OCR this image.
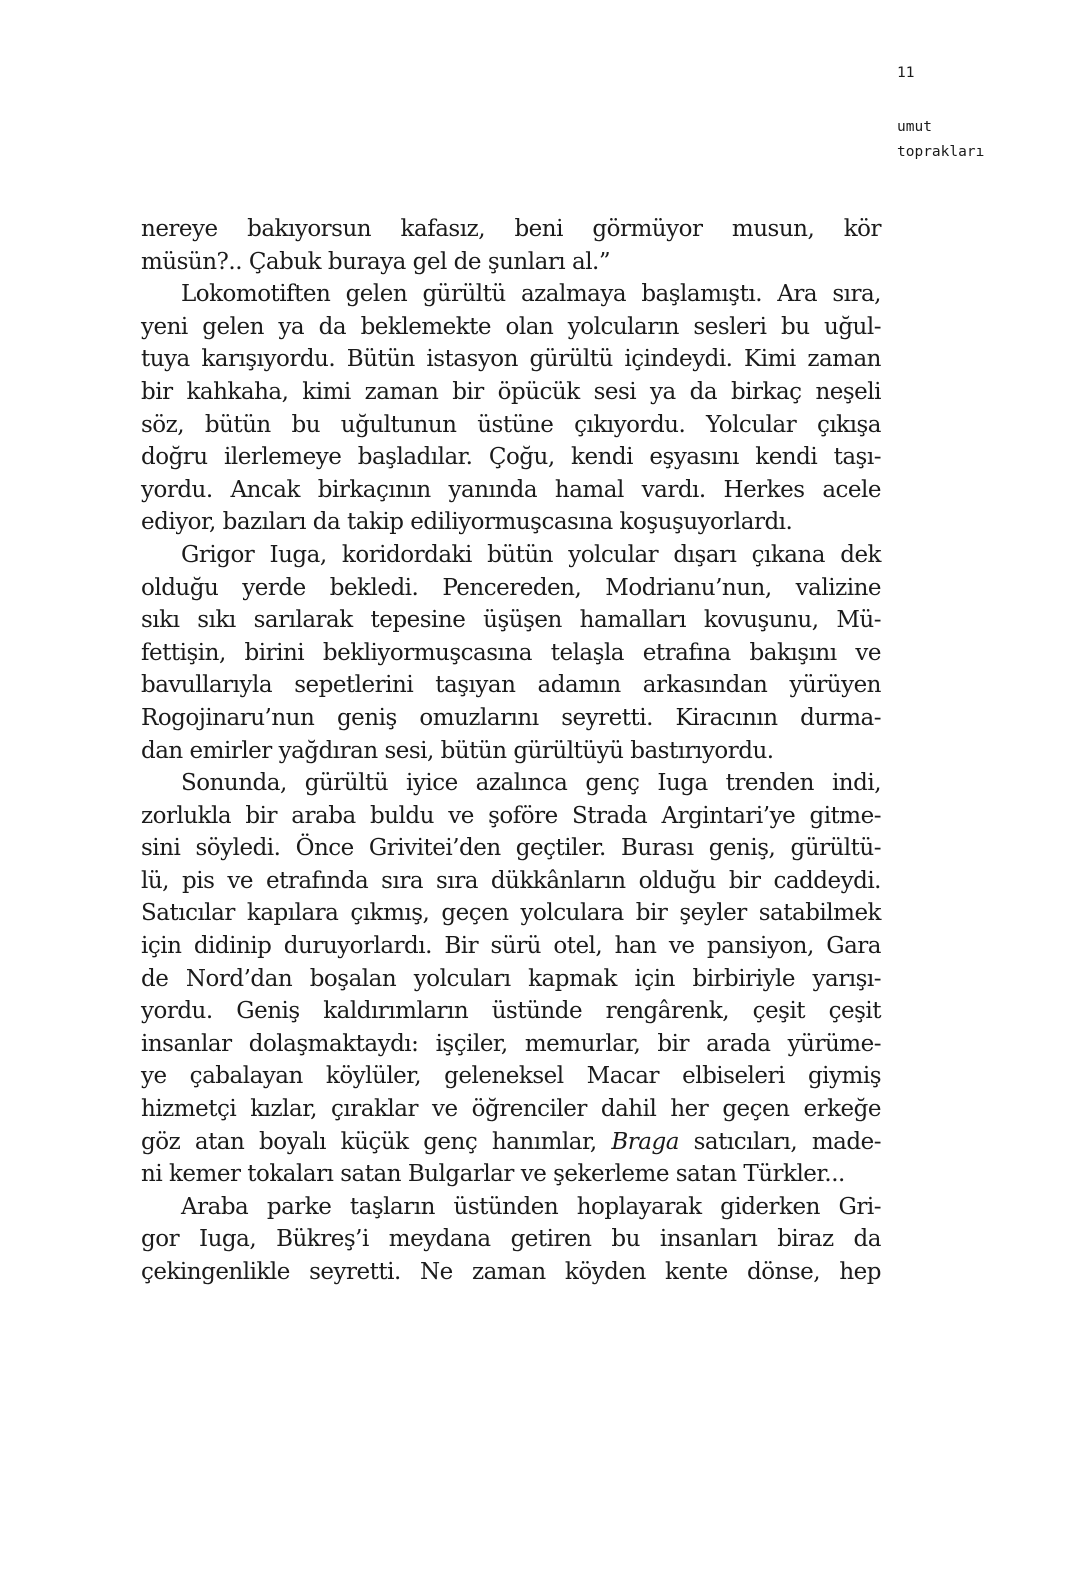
11
umut
toprakları
nereye bakıyorsun kafasız, beni görmüyor musun, kör
müsün?.. Çabuk buraya gel de şunları al.”
Lokomotiften gelen gürültü azalmaya başlamıştı. Ara sıra,
yeni gelen ya da beklemekte olan yolcuların sesleri bu uğul-
tuya karışıyordu. Bütün istasyon gürültü içindeydi. Kimi zaman
bir kahkaha, kimi zaman bir öpücük sesi ya da birkaç neşeli
söz, bütün bu uğultunun üstüne çıkıyordu. Yolcular çıkışa
doğru ilerlemeye başladılar. Çoğu, kendi eşyasını kendi taşı-
yordu. Ancak birkaçının yanında hamal vardı. Herkes acele
ediyor, bazıları da takip ediliyormuşcasına koşuşuyorlardı.
Grigor Iuga, koridordaki bütün yolcular dışarı çıkana dek
olduğu yerde bekledi. Pencereden, Modrianu’nun, valizine
sıkı sıkı sarılarak tepesine üşüşen hamalları kovuşunu, Mü-
fettişin, birini bekliyormuşcasına telaşla etrafına bakışını ve
bavullarıyla sepetlerini taşıyan adamın arkasından yürüyen
Rogojinaru’nun geniş omuzlarını seyretti. Kiracının durma-
dan emirler yağdıran sesi, bütün gürültüyü bastırıyordu.
Sonunda, gürültü iyice azalınca genç Iuga trenden indi,
zorlukla bir araba buldu ve şoföre Strada Argintari’ye gitme-
sini söyledi. Önce Grivitei’den geçtiler. Burası geniş, gürültü-
lü, pis ve etrafında sıra sıra dükkânların olduğu bir caddeydi.
Satıcılar kapılara çıkmış, geçen yolculara bir şeyler satabilmek
için didinip duruyorlardı. Bir sürü otel, han ve pansiyon, Gara
de Nord’dan boşalan yolcuları kapmak için birbiriyle yarışı-
yordu. Geniş kaldırımların üstünde rengârenk, çeşit çeşit
insanlar dolaşmaktaydı: işçiler, memurlar, bir arada yürüme-
ye çabalayan köylüler, geleneksel Macar elbiseleri giymiş
hizmetçi kızlar, çıraklar ve öğrenciler dahil her geçen erkeğe
göz atan boyalı küçük genç hanımlar, Braga satıcıları, made-
ni kemer tokaları satan Bulgarlar ve şekerleme satan Türkler...
Araba parke taşların üstünden hoplayarak giderken Gri-
gor Iuga, Bükreş’i meydana getiren bu insanları biraz da
çekingenlikle seyretti. Ne zaman köyden kente dönse, hep
